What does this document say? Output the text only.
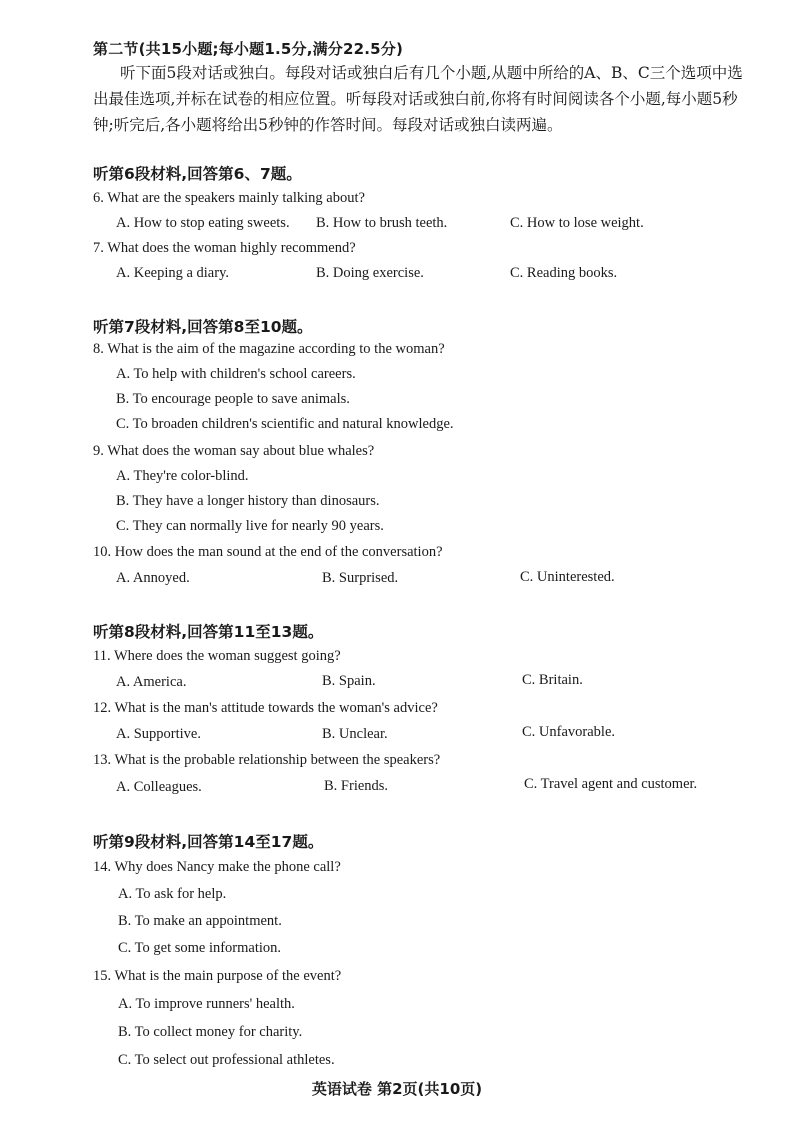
第二节(共15小题;每小题1.5分,满分22.5分)
听下面5段对话或独白。每段对话或独白后有几个小题,从题中所给的A、B、C三个选项中选出最佳选项,并标在试卷的相应位置。听每段对话或独白前,你将有时间阅读各个小题,每小题5秒钟;听完后,各小题将给出5秒钟的作答时间。每段对话或独白读两遍。
听第6段材料,回答第6、7题。
6. What are the speakers mainly talking about?
A. How to stop eating sweets. B. How to brush teeth.	C. How to lose weight.
7. What does the woman highly recommend?
A. Keeping a diary.	B. Doing exercise.	C. Reading books.
听第7段材料,回答第8至10题。
8. What is the aim of the magazine according to the woman?
A. To help with children's school careers.
B. To encourage people to save animals.
C. To broaden children's scientific and natural knowledge.
9. What does the woman say about blue whales?
A. They're color-blind.
B. They have a longer history than dinosaurs.
C. They can normally live for nearly 90 years.
10. How does the man sound at the end of the conversation?
A. Annoyed.	B. Surprised.	C. Uninterested.
听第8段材料,回答第11至13题。
11. Where does the woman suggest going?
A. America.	B. Spain.	C. Britain.
12. What is the man's attitude towards the woman's advice?
A. Supportive.	B. Unclear.	C. Unfavorable.
13. What is the probable relationship between the speakers?
A. Colleagues.	B. Friends.	C. Travel agent and customer.
听第9段材料,回答第14至17题。
14. Why does Nancy make the phone call?
A. To ask for help.
B. To make an appointment.
C. To get some information.
15. What is the main purpose of the event?
A. To improve runners' health.
B. To collect money for charity.
C. To select out professional athletes.
英语试卷 第2页(共10页)
